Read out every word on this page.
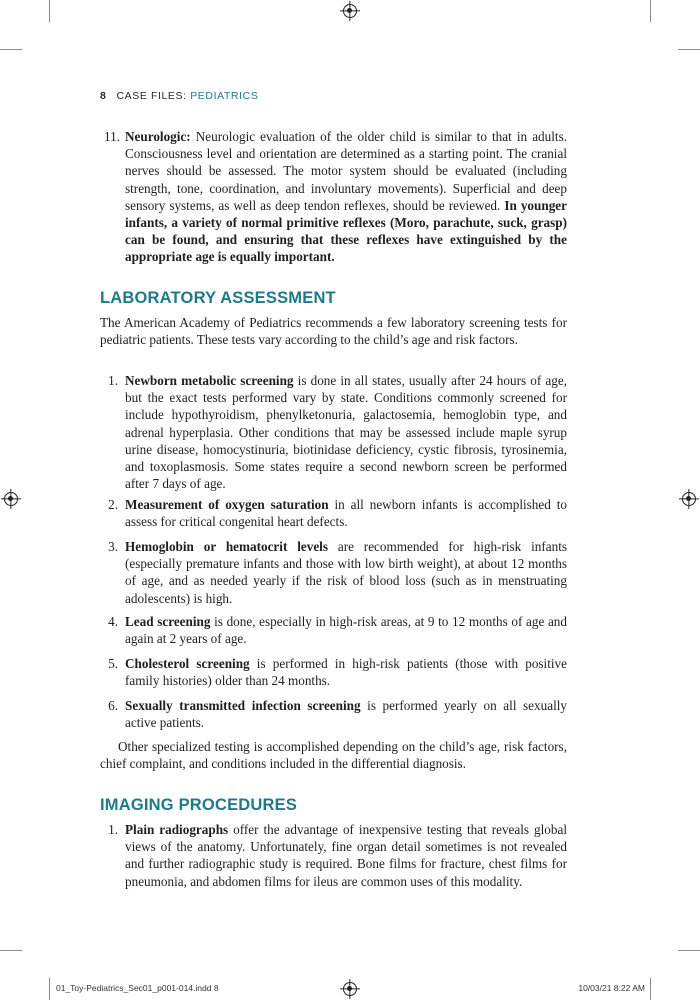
8 CASE FILES: PEDIATRICS
11. Neurologic: Neurologic evaluation of the older child is similar to that in adults. Consciousness level and orientation are determined as a starting point. The cranial nerves should be assessed. The motor system should be evaluated (including strength, tone, coordination, and involuntary movements). Superficial and deep sensory systems, as well as deep tendon reflexes, should be reviewed. In younger infants, a variety of normal primitive reflexes (Moro, parachute, suck, grasp) can be found, and ensuring that these reflexes have extinguished by the appropriate age is equally important.
LABORATORY ASSESSMENT
The American Academy of Pediatrics recommends a few laboratory screening tests for pediatric patients. These tests vary according to the child’s age and risk factors.
1. Newborn metabolic screening is done in all states, usually after 24 hours of age, but the exact tests performed vary by state. Conditions commonly screened for include hypothyroidism, phenylketonuria, galactosemia, hemoglobin type, and adrenal hyperplasia. Other conditions that may be assessed include maple syrup urine disease, homocystinuria, biotinidase deficiency, cystic fibrosis, tyrosinemia, and toxoplasmosis. Some states require a second newborn screen be performed after 7 days of age.
2. Measurement of oxygen saturation in all newborn infants is accomplished to assess for critical congenital heart defects.
3. Hemoglobin or hematocrit levels are recommended for high-risk infants (especially premature infants and those with low birth weight), at about 12 months of age, and as needed yearly if the risk of blood loss (such as in menstruating adolescents) is high.
4. Lead screening is done, especially in high-risk areas, at 9 to 12 months of age and again at 2 years of age.
5. Cholesterol screening is performed in high-risk patients (those with positive family histories) older than 24 months.
6. Sexually transmitted infection screening is performed yearly on all sexually active patients.
Other specialized testing is accomplished depending on the child’s age, risk factors, chief complaint, and conditions included in the differential diagnosis.
IMAGING PROCEDURES
1. Plain radiographs offer the advantage of inexpensive testing that reveals global views of the anatomy. Unfortunately, fine organ detail sometimes is not revealed and further radiographic study is required. Bone films for fracture, chest films for pneumonia, and abdomen films for ileus are common uses of this modality.
01_Toy-Pediatrics_Sec01_p001-014.indd 8	10/03/21 8:22 AM
